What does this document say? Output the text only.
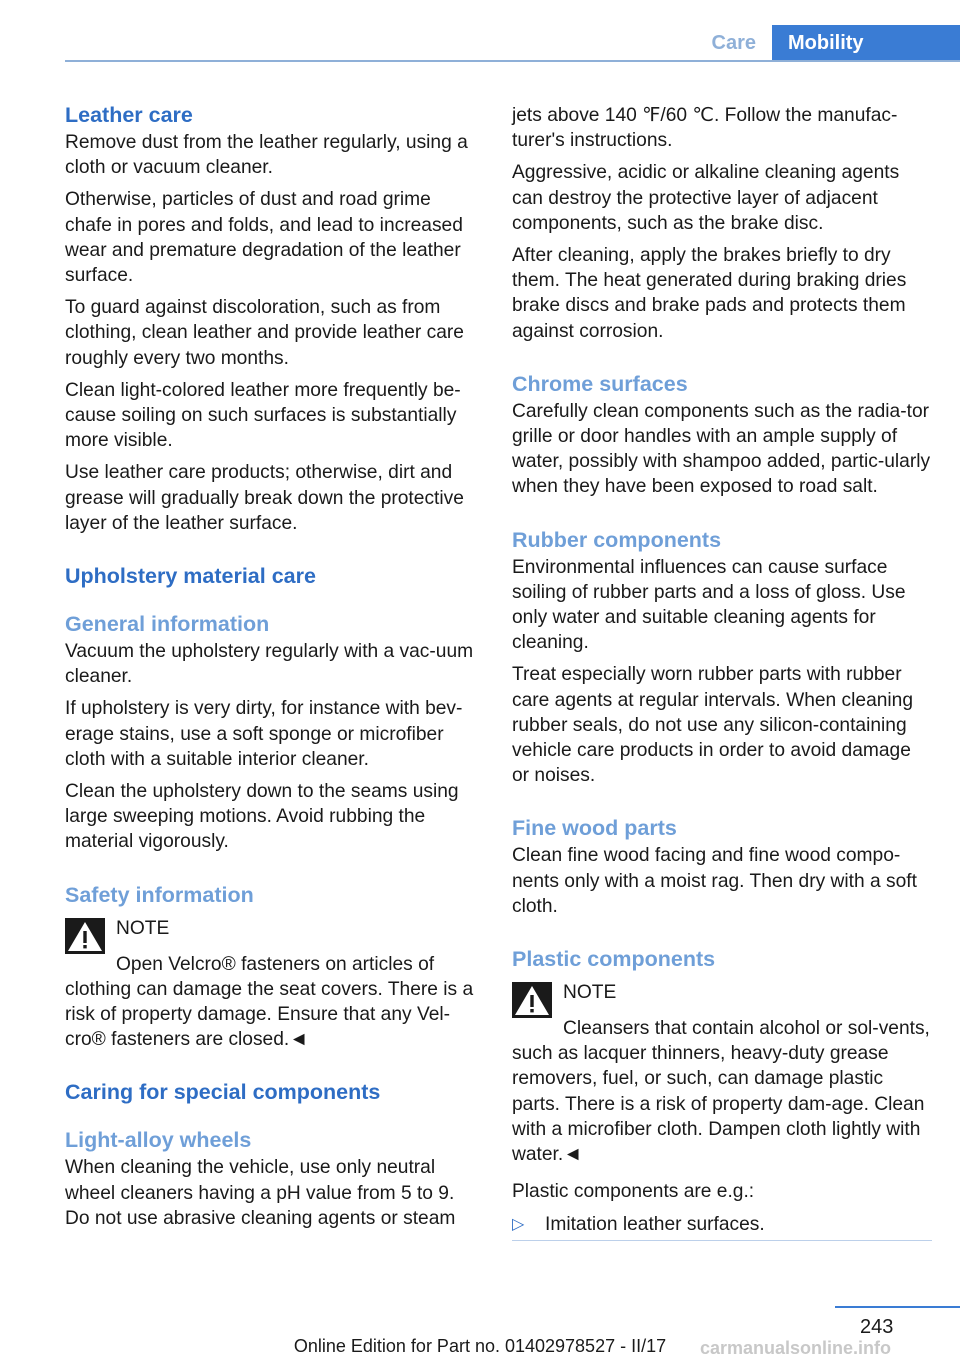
Care	Mobility
Leather care

Remove dust from the leather regularly, using a cloth or vacuum cleaner.

Otherwise, particles of dust and road grime chafe in pores and folds, and lead to increased wear and premature degradation of the leather surface.

To guard against discoloration, such as from clothing, clean leather and provide leather care roughly every two months.

Clean light-colored leather more frequently be-cause soiling on such surfaces is substantially more visible.

Use leather care products; otherwise, dirt and grease will gradually break down the protective layer of the leather surface.

Upholstery material care
General information

Vacuum the upholstery regularly with a vac-uum cleaner.

If upholstery is very dirty, for instance with bev-erage stains, use a soft sponge or microfiber cloth with a suitable interior cleaner.

Clean the upholstery down to the seams using large sweeping motions. Avoid rubbing the material vigorously.

Safety information
NOTE

Open Velcro® fasteners on articles of clothing can damage the seat covers. There is a risk of property damage. Ensure that any Vel-cro® fasteners are closed.◄

Caring for special components
Light-alloy wheels

When cleaning the vehicle, use only neutral wheel cleaners having a pH value from 5 to 9. Do not use abrasive cleaning agents or steam

jets above 140 ℉/60 ℃. Follow the manufac-turer's instructions.

Aggressive, acidic or alkaline cleaning agents can destroy the protective layer of adjacent components, such as the brake disc.

After cleaning, apply the brakes briefly to dry them. The heat generated during braking dries brake discs and brake pads and protects them against corrosion.

Chrome surfaces

Carefully clean components such as the radia-tor grille or door handles with an ample supply of water, possibly with shampoo added, partic-ularly when they have been exposed to road salt.

Rubber components

Environmental influences can cause surface soiling of rubber parts and a loss of gloss. Use only water and suitable cleaning agents for cleaning.

Treat especially worn rubber parts with rubber care agents at regular intervals. When cleaning rubber seals, do not use any silicon-containing vehicle care products in order to avoid damage or noises.

Fine wood parts

Clean fine wood facing and fine wood compo-nents only with a moist rag. Then dry with a soft cloth.

Plastic components
NOTE

Cleansers that contain alcohol or sol-vents, such as lacquer thinners, heavy-duty grease removers, fuel, or such, can damage plastic parts. There is a risk of property dam-age. Clean with a microfiber cloth. Dampen cloth lightly with water.◄

Plastic components are e.g.:

▷	Imitation leather surfaces.
243
Online Edition for Part no. 01402978527 - II/17	carmanualsonline.info
